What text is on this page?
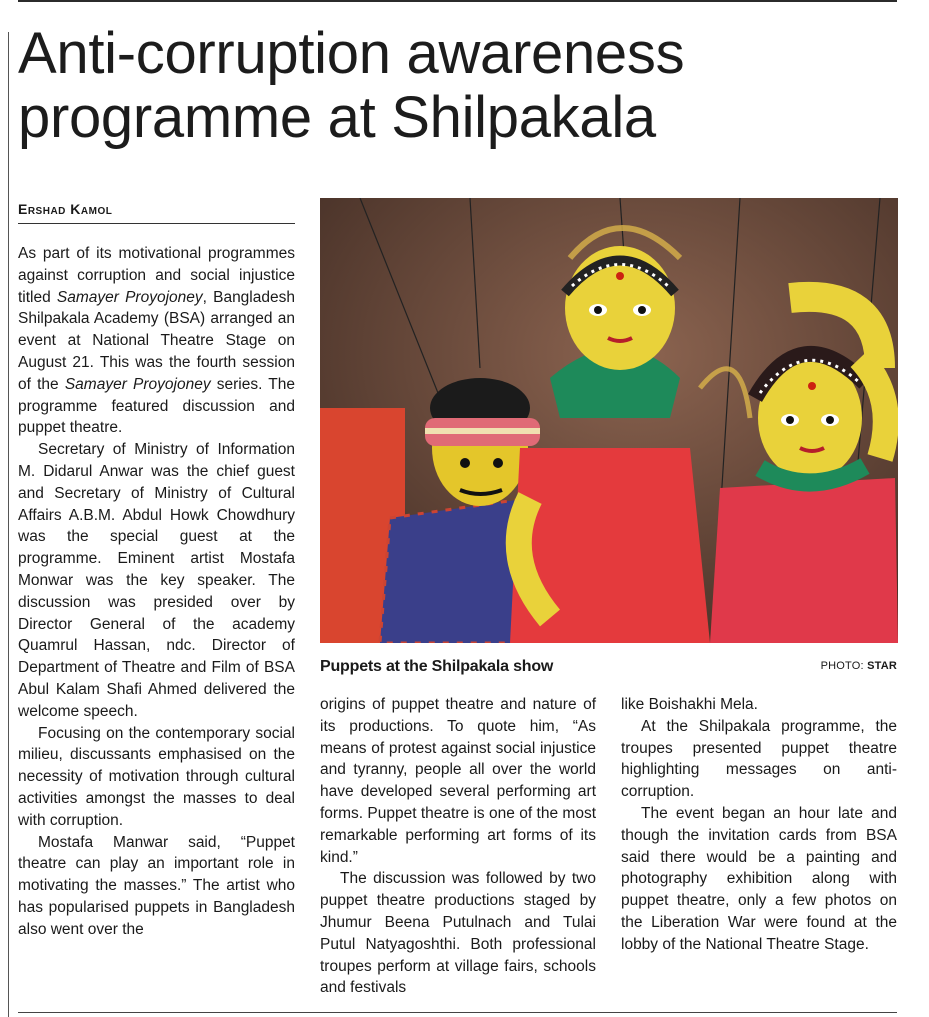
Anti-corruption awareness
programme at Shilpakala
Ershad Kamol

As part of its motivational programmes against corruption and social injustice titled Samayer Proyojoney, Bangladesh Shilpakala Academy (BSA) arranged an event at National Theatre Stage on August 21. This was the fourth session of the Samayer Proyojoney series. The programme featured discussion and puppet theatre.

Secretary of Ministry of Information M. Didarul Anwar was the chief guest and Secretary of Ministry of Cultural Affairs A.B.M. Abdul Howk Chowdhury was the special guest at the programme. Eminent artist Mostafa Monwar was the key speaker. The discussion was presided over by Director General of the academy Quamrul Hassan, ndc. Director of Department of Theatre and Film of BSA Abul Kalam Shafi Ahmed delivered the welcome speech.

Focusing on the contemporary social milieu, discussants emphasised on the necessity of motivation through cultural activities amongst the masses to deal with corruption.

Mostafa Manwar said, “Puppet theatre can play an important role in motivating the masses.” The artist who has popularised puppets in Bangladesh also went over the

Puppets at the Shilpakala show	PHOTO: STAR

origins of puppet theatre and nature of its productions. To quote him, “As means of protest against social injustice and tyranny, people all over the world have developed several performing art forms. Puppet theatre is one of the most remarkable performing art forms of its kind.”

The discussion was followed by two puppet theatre productions staged by Jhumur Beena Putulnach and Tulai Putul Natyagoshthi. Both professional troupes perform at village fairs, schools and festivals

like Boishakhi Mela.

At the Shilpakala programme, the troupes presented puppet theatre highlighting messages on anti-corruption.

The event began an hour late and though the invitation cards from BSA said there would be a painting and photography exhibition along with puppet theatre, only a few photos on the Liberation War were found at the lobby of the National Theatre Stage.
